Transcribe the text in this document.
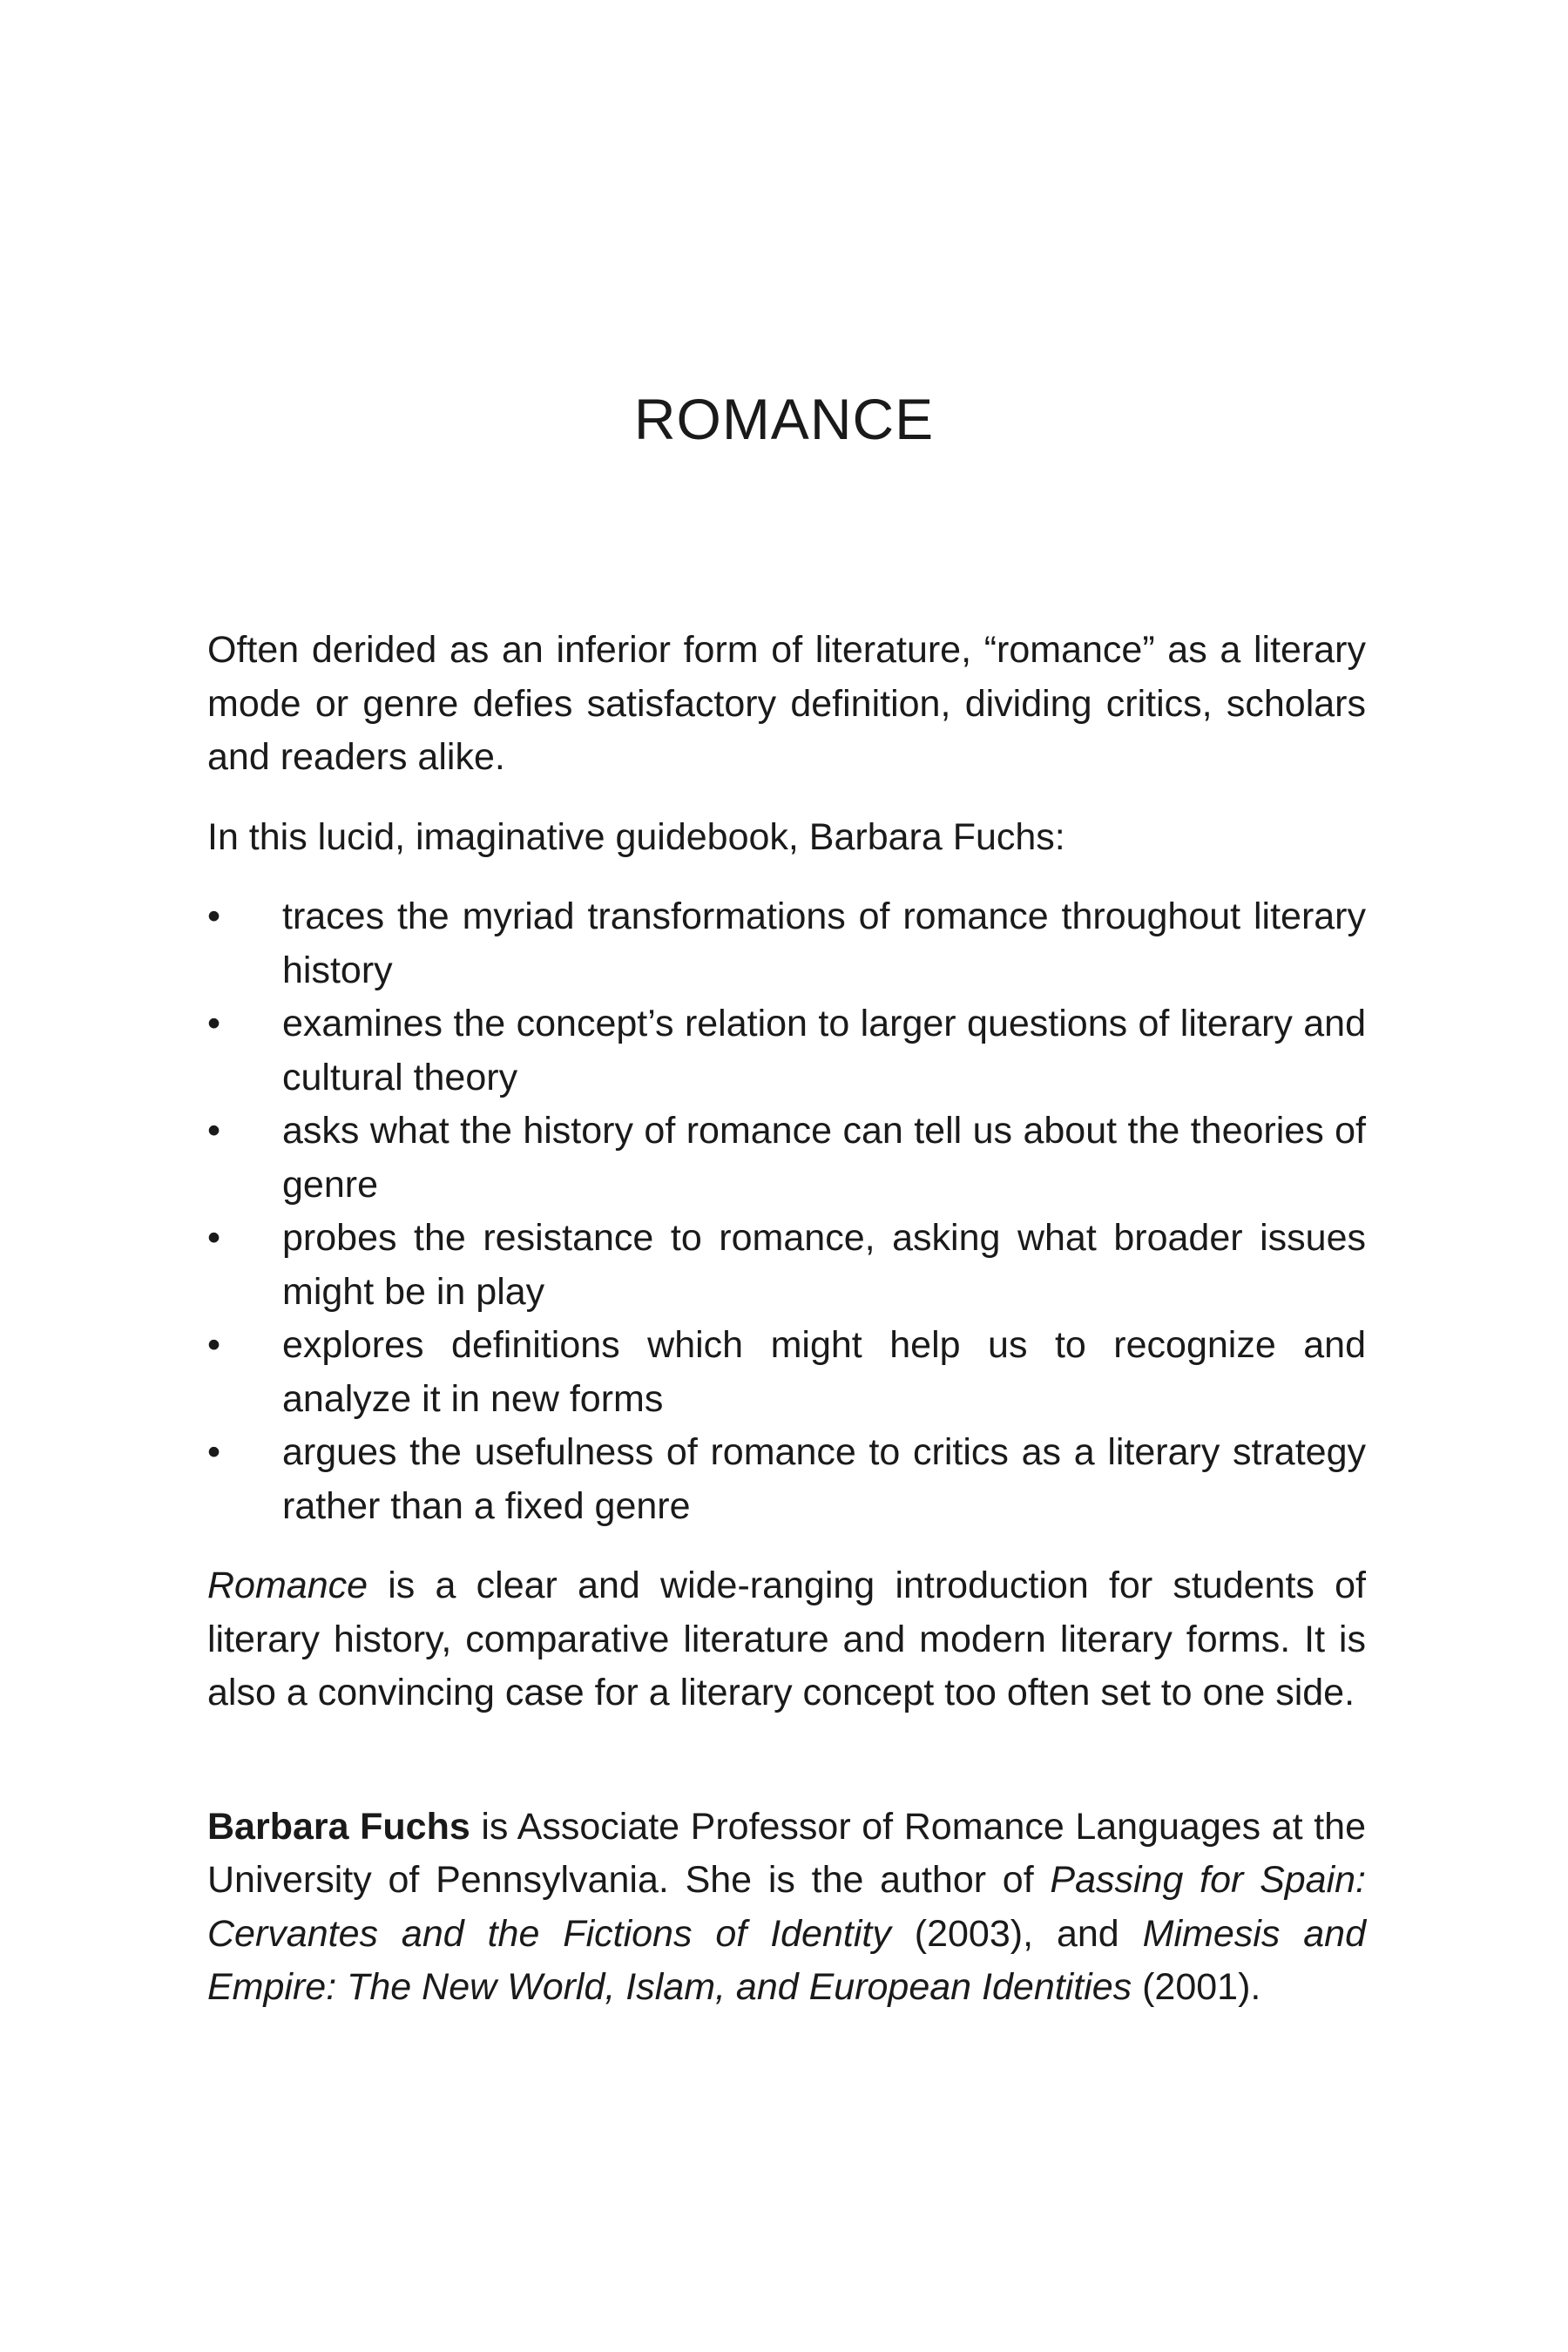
ROMANCE

Often derided as an inferior form of literature, “romance” as a literary mode or genre defies satisfactory definition, dividing critics, scholars and readers alike.

In this lucid, imaginative guidebook, Barbara Fuchs:

•	traces the myriad transformations of romance throughout literary history
•	examines the concept’s relation to larger questions of literary and cultural theory
•	asks what the history of romance can tell us about the theories of genre
•	probes the resistance to romance, asking what broader issues might be in play
•	explores definitions which might help us to recognize and analyze it in new forms
•	argues the usefulness of romance to critics as a literary strategy rather than a fixed genre

Romance is a clear and wide-ranging introduction for students of literary history, comparative literature and modern literary forms. It is also a convincing case for a literary concept too often set to one side.

Barbara Fuchs is Associate Professor of Romance Languages at the University of Pennsylvania. She is the author of Passing for Spain: Cervantes and the Fictions of Identity (2003), and Mimesis and Empire: The New World, Islam, and European Identities (2001).
